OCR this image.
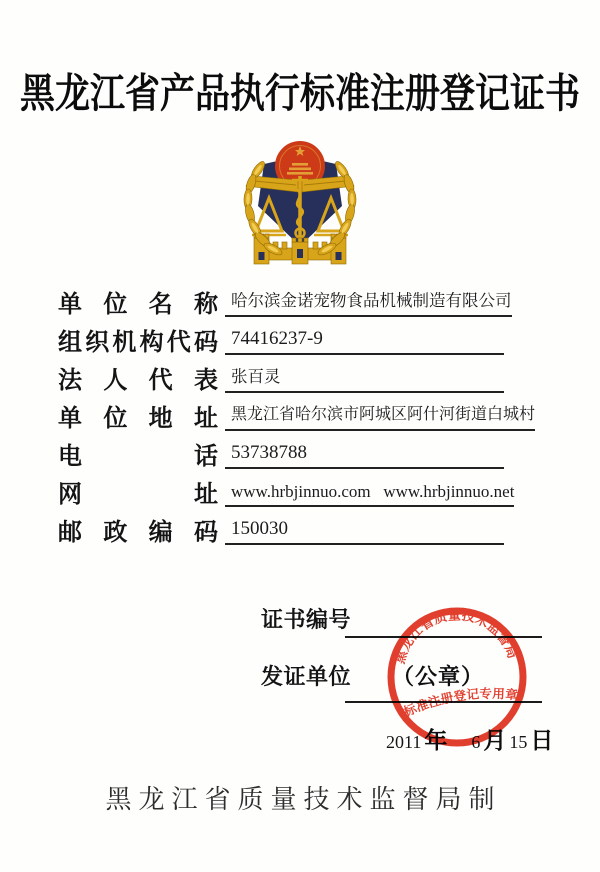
黑龙江省产品执行标准注册登记证书
单位名称 哈尔滨金诺宠物食品机械制造有限公司
组织机构代码 74416237-9
法人代表 张百灵
单位地址 黑龙江省哈尔滨市阿城区阿什河街道白城村
电话 53738788
网址 www.hrbjinnuo.com   www.hrbjinnuo.net
邮政编码 150030
证书编号
发证单位 （公章）
2011 年 6 月 15 日
黑龙江省质量技术监督局
标准注册登记专用章
黑龙江省质量技术监督局制
